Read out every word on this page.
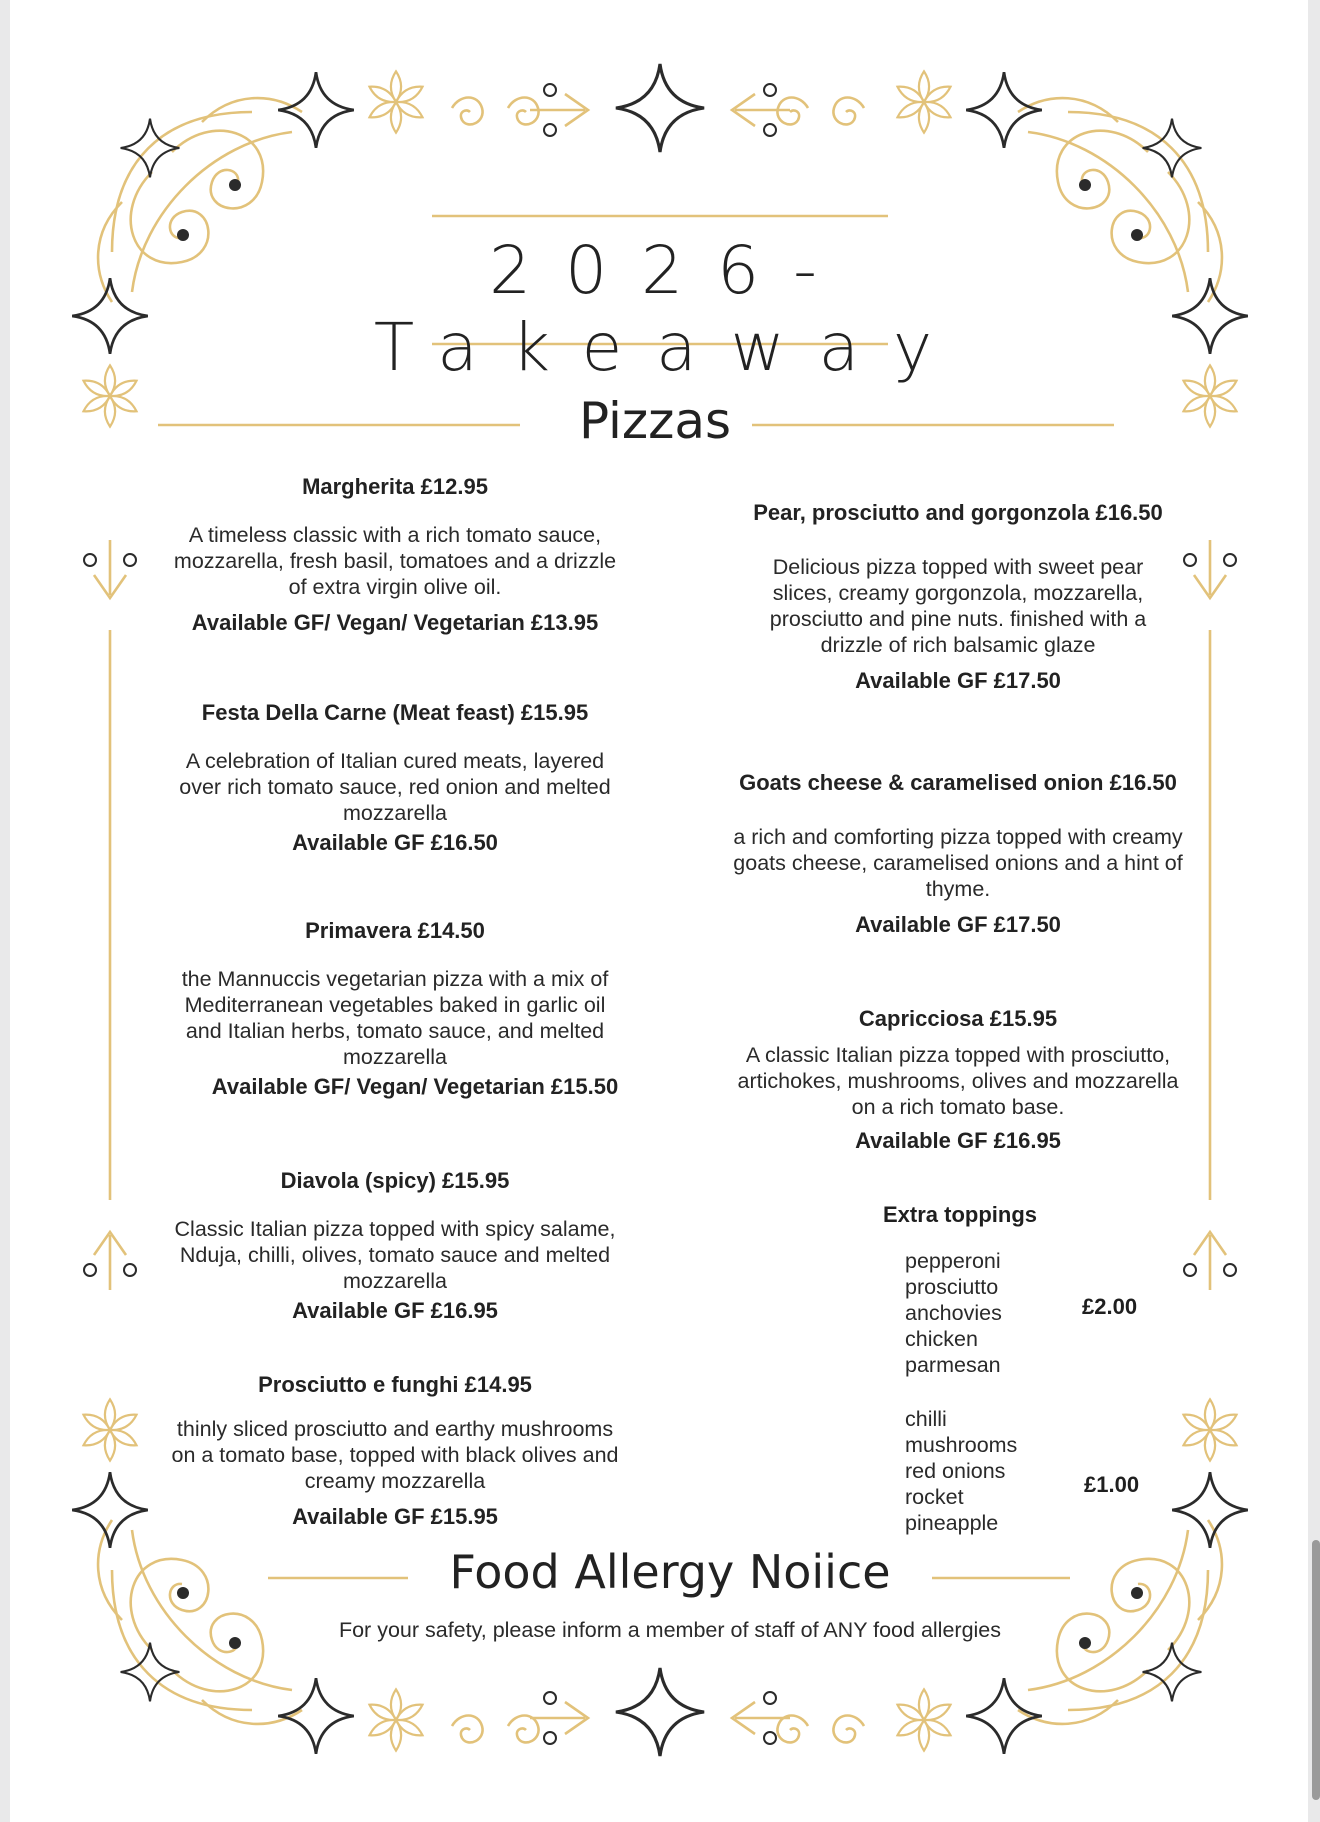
2026- Takeaway
Pizzas
Margherita £12.95
A timeless classic with a rich tomato sauce,
mozzarella, fresh basil, tomatoes and a drizzle
of extra virgin olive oil.
Available GF/ Vegan/ Vegetarian £13.95
Festa Della Carne (Meat feast) £15.95
A celebration of Italian cured meats, layered
over rich tomato sauce, red onion and melted
mozzarella
Available GF £16.50
Primavera £14.50
the Mannuccis vegetarian pizza with a mix of
Mediterranean vegetables baked in garlic oil
and Italian herbs, tomato sauce, and melted
mozzarella
Available GF/ Vegan/ Vegetarian £15.50
Diavola (spicy) £15.95
Classic Italian pizza topped with spicy salame,
Nduja, chilli, olives, tomato sauce and melted
mozzarella
Available GF £16.95
Prosciutto e funghi £14.95
thinly sliced prosciutto and earthy mushrooms
on a tomato base, topped with black olives and
creamy mozzarella
Available GF £15.95
Pear, prosciutto and gorgonzola £16.50
Delicious pizza topped with sweet pear
slices, creamy gorgonzola, mozzarella,
prosciutto and pine nuts. finished with a
drizzle of rich balsamic glaze
Available GF £17.50
Goats cheese & caramelised onion £16.50
a rich and comforting pizza topped with creamy
goats cheese, caramelised onions and a hint of
thyme.
Available GF £17.50
Capricciosa £15.95
A classic Italian pizza topped with prosciutto,
artichokes, mushrooms, olives and mozzarella
on a rich tomato base.
Available GF £16.95
Extra toppings
pepperoni
prosciutto
anchovies
chicken
parmesan
£2.00
chilli
mushrooms
red onions
rocket
pineapple
£1.00
Food Allergy Noiice
For your safety, please inform a member of staff of ANY food allergies
